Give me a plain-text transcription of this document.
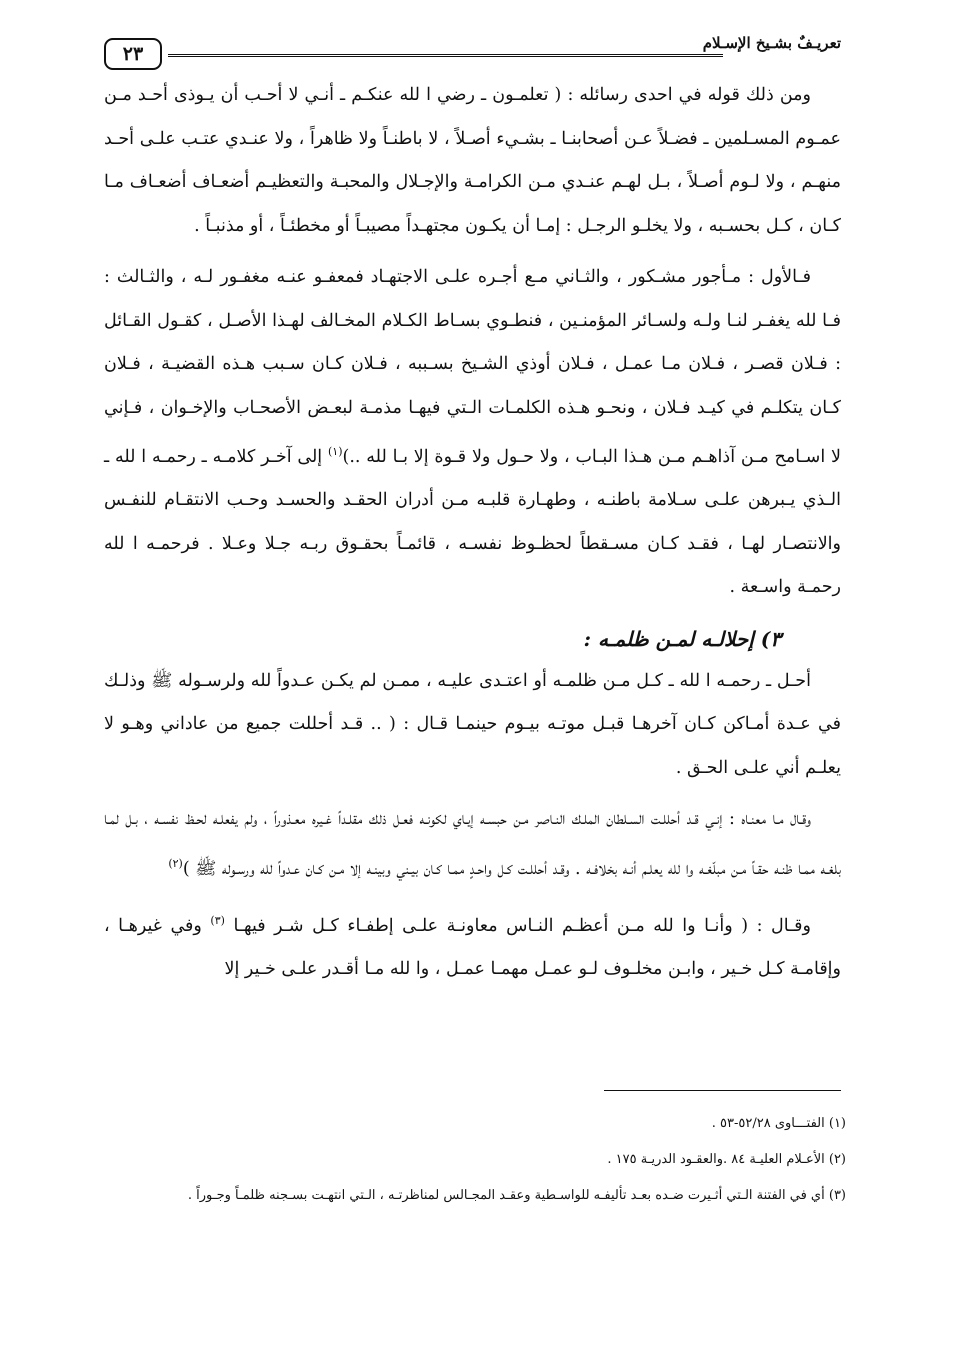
٢٣	تعريـفٌ بشـيخ الإسـلام

ومن ذلك قوله في احدى رسائله : ( تعلمـون ـ رضي ا لله عنكـم ـ أنـي لا أحـب أن يـوذى أحـد مـن عمـوم المسـلمين ـ فضـلاً عـن أصحابنـا ـ بشـيء أصـلاً ، لا باطنـاً ولا ظاهراً ، ولا عنـدي عتـب علـى أحـد منهـم ، ولا لـوم أصـلاً ، بـل لهـم عنـدي مـن الكرامـة والإجـلال والمحبـة والتعظيـم أضعـاف أضعـاف مـا كـان ، كـل بحسـبه ، ولا يخلـو الرجـل : إمـا أن يكـون مجتهـداً مصيبـاً أو مخطئـاً ، أو مذنبـاً .

فـالأول : مـأجور مشـكور ، والثـاني مـع أجـره علـى الاجتهـاد فمعفـو عنـه مغفـور لـه ، والثـالث : فـا لله يغفـر لنـا ولـه ولسـائر المؤمنـين ، فنطـوي بسـاط الكـلام المخـالف لهـذا الأصـل ، كقـول القـائل : فـلان قصـر ، فـلان مـا عمـل ، فـلان أوذي الشـيخ بسـببه ، فـلان كـان سـبب هـذه القضيـة ، فـلان كـان يتكلـم في كيـد فـلان ، ونحـو هـذه الكلمـات الـتي فيهـا مذمـة لبعـض الأصحـاب والإخـوان ، فـإني لا اسـامح مـن آذاهـم مـن هـذا البـاب ، ولا حـول ولا قـوة إلا بـا لله ..)$^{(١)}$ إلى آخـر كلامـه ـ رحمـه ا لله ـ الـذي يـبرهن علـى سـلامة باطنـه ، وطهـارة قلبـه مـن أدران الحقـد والحسـد وحـب الانتقـام للنفـس والانتصـار لهـا ، فقـد كـان مسـقطاً لحظـوظ نفسـه ، قائمـاً بحقـوق ربـه جـلا وعـلا . فرحمـه ا لله رحمـة واسـعة .

٣) إحلالـه لمـن ظلمـه :

أحـل ـ رحمـه ا لله ـ كـل مـن ظلمـه أو اعتـدى عليـه ، ممـن لم يكـن عـدواً لله ولرسـوله ﷺ وذلـك في عـدة أمـاكن كـان آخرهـا قبـل موتـه بيـوم حينمـا قـال : ( .. قـد أحللت جميع من عاداني وهـو لا يعلـم أني علـى الحـق .

وقـال مـا معنـاه : إنـي قـد أحللـت السـلطان الملـك النـاصر مـن حبسـه إيـاي لكونـه فعـل ذلك مقلـداً غـيره معـذوراً ، ولم يفعلـه لحـظ نفسـه ، بـل لمـا بلغـه ممـا ظنـه حقـاً مـن مبلّغـه وا لله يعلـم أنـه بخلافـه . وقـد أحللـت كـل واحـدٍ ممـا كـان بيـني وبينـه إلا مـن كـان عـدواً لله ورسـوله ﷺ )$^{(٢)}$

وقـال : ( وأنـا وا لله مـن أعظـم النـاس معاونـة علـى إطفـاء كـل شـر فيهـا $^{(٣)}$ وفي غيرهـا ، وإقامـة كـل خـير ، وابـن مخلـوف لـو عمـل مهمـا عمـل ، وا لله مـا أقـدر علـى خـير إلا

(١) الفتـــاوى ٥٢/٢٨-٥٣ .

(٢) الأعـلام العليـة ٨٤ .والعقـود الدريـة ١٧٥ .

(٣) أي في الفتنة الـتي أثـيرت ضـده بعـد تأليفـه للواسـطية وعقـد المجـالس لمناظرتـه ، الـتي انتهـت بسـجنه ظلمـاً وجـوراً .
